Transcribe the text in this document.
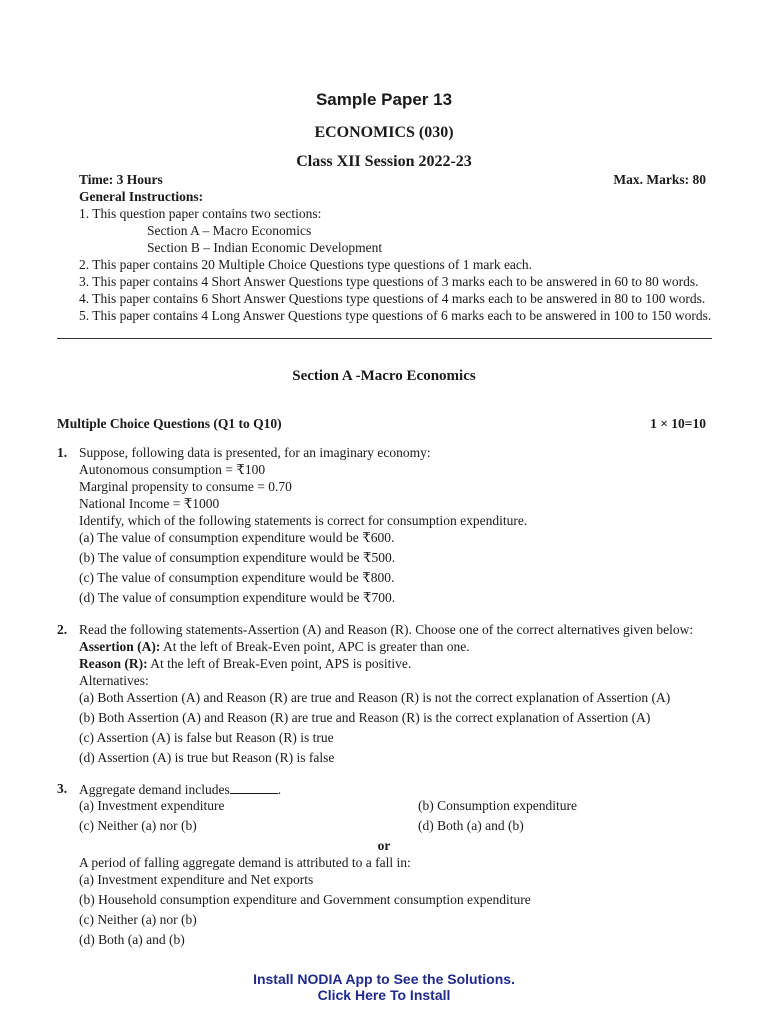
Sample Paper 13
ECONOMICS (030)
Class XII Session 2022-23
Time: 3 Hours	Max. Marks: 80
General Instructions:
1. This question paper contains two sections:
Section A – Macro Economics
Section B – Indian Economic Development
2. This paper contains 20 Multiple Choice Questions type questions of 1 mark each.
3. This paper contains 4 Short Answer Questions type questions of 3 marks each to be answered in 60 to 80 words.
4. This paper contains 6 Short Answer Questions type questions of 4 marks each to be answered in 80 to 100 words.
5. This paper contains 4 Long Answer Questions type questions of 6 marks each to be answered in 100 to 150 words.
Section A -Macro Economics
Multiple Choice Questions (Q1 to Q10)	1 × 10=10
1. Suppose, following data is presented, for an imaginary economy:
Autonomous consumption = ₹100
Marginal propensity to consume = 0.70
National Income = ₹1000
Identify, which of the following statements is correct for consumption expenditure.
(a) The value of consumption expenditure would be ₹600.
(b) The value of consumption expenditure would be ₹500.
(c) The value of consumption expenditure would be ₹800.
(d) The value of consumption expenditure would be ₹700.
2. Read the following statements-Assertion (A) and Reason (R). Choose one of the correct alternatives given below:
Assertion (A): At the left of Break-Even point, APC is greater than one.
Reason (R): At the left of Break-Even point, APS is positive.
Alternatives:
(a) Both Assertion (A) and Reason (R) are true and Reason (R) is not the correct explanation of Assertion (A)
(b) Both Assertion (A) and Reason (R) are true and Reason (R) is the correct explanation of Assertion (A)
(c) Assertion (A) is false but Reason (R) is true
(d) Assertion (A) is true but Reason (R) is false
3. Aggregate demand includes	.
(a) Investment expenditure	(b) Consumption expenditure
(c) Neither (a) nor (b)	(d) Both (a) and (b)
or
A period of falling aggregate demand is attributed to a fall in:
(a) Investment expenditure and Net exports
(b) Household consumption expenditure and Government consumption expenditure
(c) Neither (a) nor (b)
(d) Both (a) and (b)
Install NODIA App to See the Solutions.
Click Here To Install
